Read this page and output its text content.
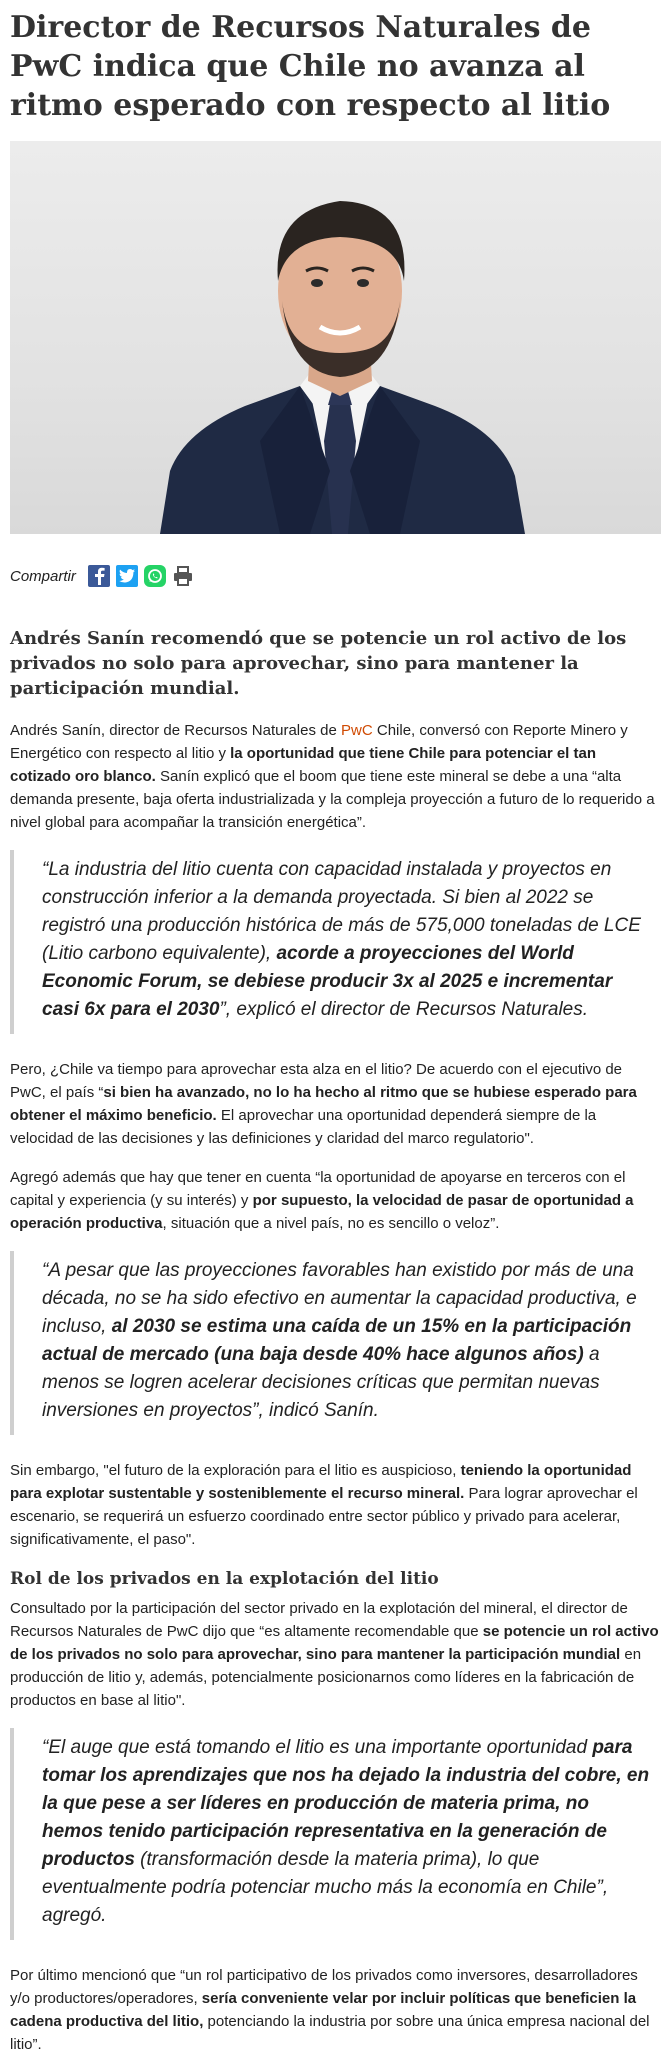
Director de Recursos Naturales de PwC indica que Chile no avanza al ritmo esperado con respecto al litio
Compartir
Andrés Sanín recomendó que se potencie un rol activo de los privados no solo para aprovechar, sino para mantener la participación mundial.

Andrés Sanín, director de Recursos Naturales de PwC Chile, conversó con Reporte Minero y Energético con respecto al litio y la oportunidad que tiene Chile para potenciar el tan cotizado oro blanco. Sanín explicó que el boom que tiene este mineral se debe a una “alta demanda presente, baja oferta industrializada y la compleja proyección a futuro de lo requerido a nivel global para acompañar la transición energética”.

“La industria del litio cuenta con capacidad instalada y proyectos en construcción inferior a la demanda proyectada. Si bien al 2022 se registró una producción histórica de más de 575,000 toneladas de LCE (Litio carbono equivalente), acorde a proyecciones del World Economic Forum, se debiese producir 3x al 2025 e incrementar casi 6x para el 2030”, explicó el director de Recursos Naturales.

Pero, ¿Chile va tiempo para aprovechar esta alza en el litio? De acuerdo con el ejecutivo de PwC, el país “si bien ha avanzado, no lo ha hecho al ritmo que se hubiese esperado para obtener el máximo beneficio. El aprovechar una oportunidad dependerá siempre de la velocidad de las decisiones y las definiciones y claridad del marco regulatorio".

Agregó además que hay que tener en cuenta “la oportunidad de apoyarse en terceros con el capital y experiencia (y su interés) y por supuesto, la velocidad de pasar de oportunidad a operación productiva, situación que a nivel país, no es sencillo o veloz”.

“A pesar que las proyecciones favorables han existido por más de una década, no se ha sido efectivo en aumentar la capacidad productiva, e incluso, al 2030 se estima una caída de un 15% en la participación actual de mercado (una baja desde 40% hace algunos años) a menos se logren acelerar decisiones críticas que permitan nuevas inversiones en proyectos”, indicó Sanín.

Sin embargo, "el futuro de la exploración para el litio es auspicioso, teniendo la oportunidad para explotar sustentable y sosteniblemente el recurso mineral. Para lograr aprovechar el escenario, se requerirá un esfuerzo coordinado entre sector público y privado para acelerar, significativamente, el paso".

Rol de los privados en la explotación del litio

Consultado por la participación del sector privado en la explotación del mineral, el director de Recursos Naturales de PwC dijo que “es altamente recomendable que se potencie un rol activo de los privados no solo para aprovechar, sino para mantener la participación mundial en producción de litio y, además, potencialmente posicionarnos como líderes en la fabricación de productos en base al litio".

“El auge que está tomando el litio es una importante oportunidad para tomar los aprendizajes que nos ha dejado la industria del cobre, en la que pese a ser líderes en producción de materia prima, no hemos tenido participación representativa en la generación de productos (transformación desde la materia prima), lo que eventualmente podría potenciar mucho más la economía en Chile”, agregó.

Por último mencionó que “un rol participativo de los privados como inversores, desarrolladores y/o productores/operadores, sería conveniente velar por incluir políticas que beneficien la cadena productiva del litio, potenciando la industria por sobre una única empresa nacional del litio”.
